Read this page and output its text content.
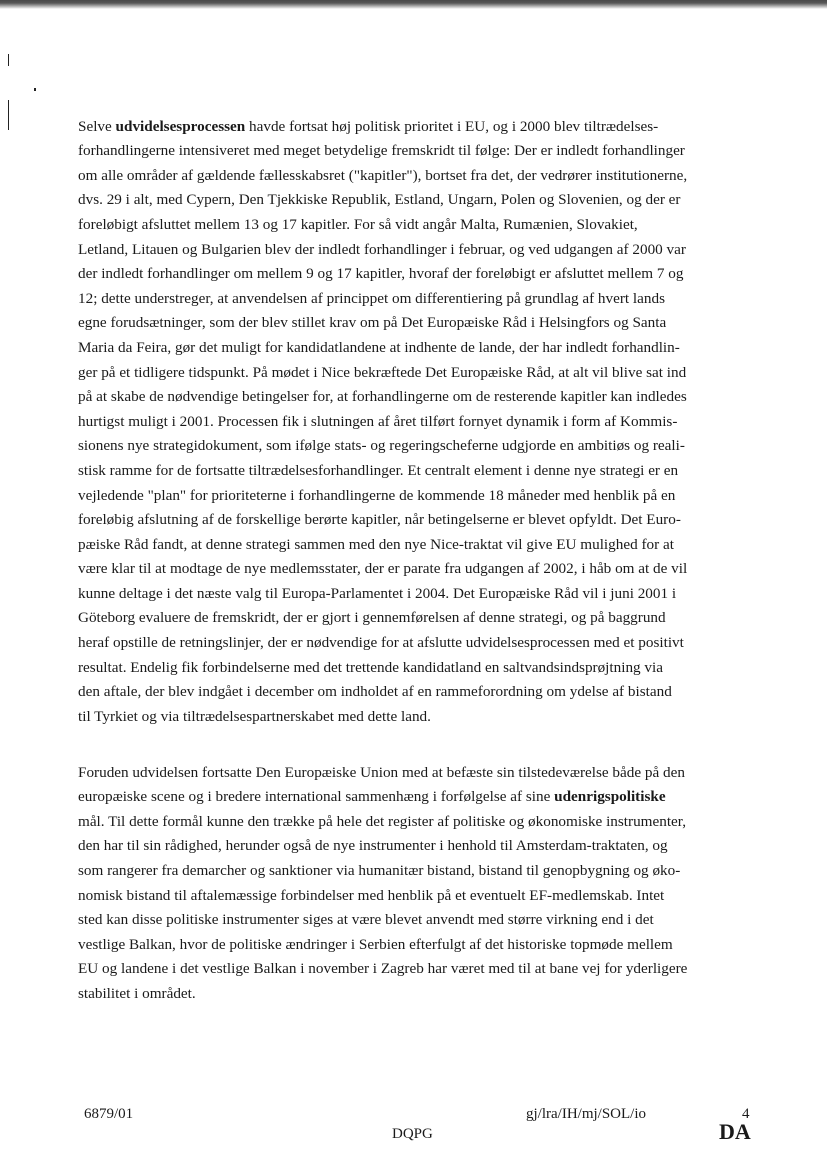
Selve udvidelsesprocessen havde fortsat høj politisk prioritet i EU, og i 2000 blev tiltrædelses-
forhandlingerne intensiveret med meget betydelige fremskridt til følge: Der er indledt forhandlinger
om alle områder af gældende fællesskabsret ("kapitler"), bortset fra det, der vedrører institutionerne,
dvs. 29 i alt, med Cypern, Den Tjekkiske Republik, Estland, Ungarn, Polen og Slovenien, og der er
foreløbigt afsluttet mellem 13 og 17 kapitler. For så vidt angår Malta, Rumænien, Slovakiet,
Letland, Litauen og Bulgarien blev der indledt forhandlinger i februar, og ved udgangen af 2000 var
der indledt forhandlinger om mellem 9 og 17 kapitler, hvoraf der foreløbigt er afsluttet mellem 7 og
12; dette understreger, at anvendelsen af princippet om differentiering på grundlag af hvert lands
egne forudsætninger, som der blev stillet krav om på Det Europæiske Råd i Helsingfors og Santa
Maria da Feira, gør det muligt for kandidatlandene at indhente de lande, der har indledt forhandlin-
ger på et tidligere tidspunkt. På mødet i Nice bekræftede Det Europæiske Råd, at alt vil blive sat ind
på at skabe de nødvendige betingelser for, at forhandlingerne om de resterende kapitler kan indledes
hurtigst muligt i 2001. Processen fik i slutningen af året tilført fornyet dynamik i form af Kommis-
sionens nye strategidokument, som ifølge stats- og regeringscheferne udgjorde en ambitiøs og reali-
stisk ramme for de fortsatte tiltrædelsesforhandlinger. Et centralt element i denne nye strategi er en
vejledende "plan" for prioriteterne i forhandlingerne de kommende 18 måneder med henblik på en
foreløbig afslutning af de forskellige berørte kapitler, når betingelserne er blevet opfyldt. Det Euro-
pæiske Råd fandt, at denne strategi sammen med den nye Nice-traktat vil give EU mulighed for at
være klar til at modtage de nye medlemsstater, der er parate fra udgangen af 2002, i håb om at de vil
kunne deltage i det næste valg til Europa-Parlamentet i 2004. Det Europæiske Råd vil i juni 2001 i
Göteborg evaluere de fremskridt, der er gjort i gennemførelsen af denne strategi, og på baggrund
heraf opstille de retningslinjer, der er nødvendige for at afslutte udvidelsesprocessen med et positivt
resultat. Endelig fik forbindelserne med det trettende kandidatland en saltvandsindsprøjtning via
den aftale, der blev indgået i december om indholdet af en rammeforordning om ydelse af bistand
til Tyrkiet og via tiltrædelsespartnerskabet med dette land.

Foruden udvidelsen fortsatte Den Europæiske Union med at befæste sin tilstedeværelse både på den
europæiske scene og i bredere international sammenhæng i forfølgelse af sine udenrigspolitiske
mål. Til dette formål kunne den trække på hele det register af politiske og økonomiske instrumenter,
den har til sin rådighed, herunder også de nye instrumenter i henhold til Amsterdam-traktaten, og
som rangerer fra demarcher og sanktioner via humanitær bistand, bistand til genopbygning og øko-
nomisk bistand til aftalemæssige forbindelser med henblik på et eventuelt EF-medlemskab. Intet
sted kan disse politiske instrumenter siges at være blevet anvendt med større virkning end i det
vestlige Balkan, hvor de politiske ændringer i Serbien efterfulgt af det historiske topmøde mellem
EU og landene i det vestlige Balkan i november i Zagreb har været med til at bane vej for yderligere
stabilitet i området.

6879/01	gj/lra/IH/mj/SOL/io	4
DQPG	DA
